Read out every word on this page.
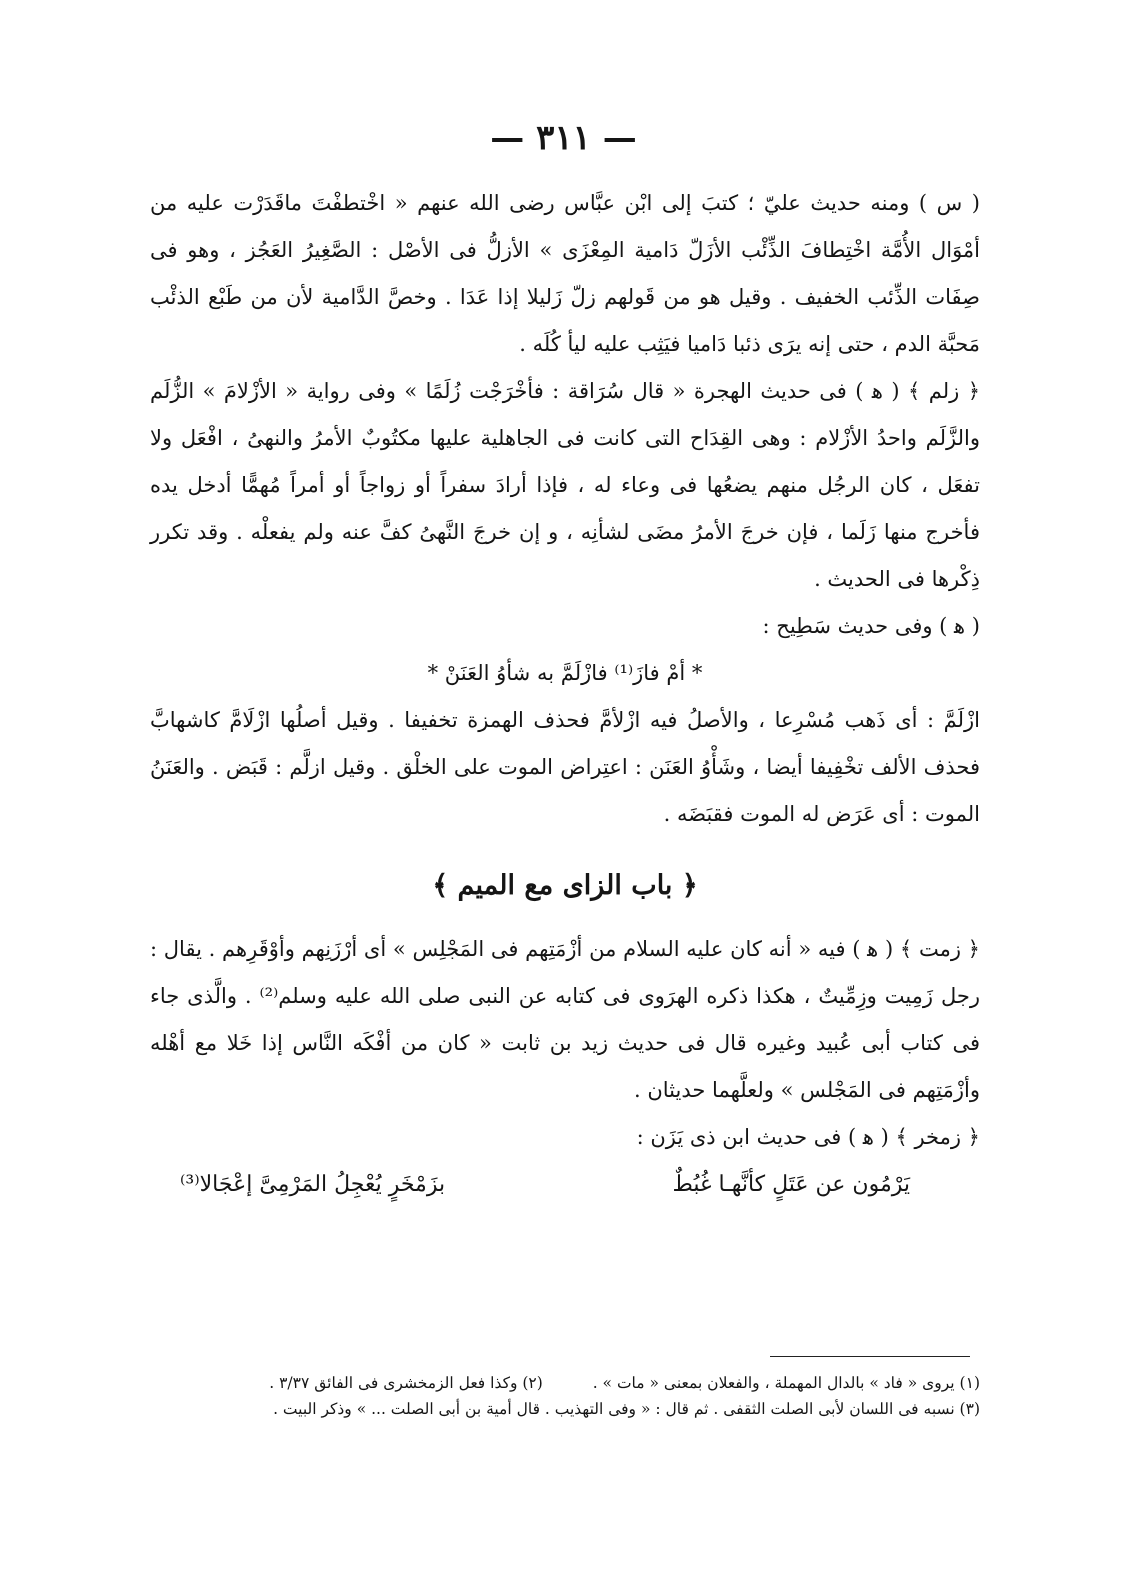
— ٣١١ —

( س ) ومنه حديث عليّ ؛ كتبَ إلى ابْن عبَّاس رضى الله عنهم « اخْتطفْتَ ماقَدَرْت عليه من أمْوَال الأُمَّة اخْتِطافَ الذِّئْب الأزَلّ دَامية المِعْزَى » الأزلُّ فى الأصْل : الصَّغِيرُ العَجُز ، وهو فى صِفَات الذِّئب الخفيف . وقيل هو من قَولهم زلّ زَليلا إذا عَدَا . وخصَّ الدَّامية لأن من طَبْع الذئْب مَحبَّة الدم ، حتى إنه يرَى ذئبا دَاميا فيَثِب عليه ليأ كُلَه .

﴿ زلم ﴾ ( ﻫ ) فى حديث الهجرة « قال سُرَاقة : فأخْرَجْت زُلَمًا » وفى رواية « الأزْلامَ » الزُّلَم والزَّلَم واحدُ الأزْلام : وهى القِدَاح التى كانت فى الجاهلية عليها مكتُوبٌ الأمرُ والنهىُ ، افْعَل ولا تفعَل ، كان الرجُل منهم يضعُها فى وعاء له ، فإذا أرادَ سفراً أو زواجاً أو أمراً مُهمًّا أدخل يده فأخرج منها زَلَما ، فإن خرجَ الأمرُ مضَى لشأنِه ، و إن خرجَ النَّهىُ كفَّ عنه ولم يفعلْه . وقد تكرر ذِكْرها فى الحديث .

( ﻫ ) وفى حديث سَطِيح :

* أمْ فازَ⁽¹⁾ فازْلَمَّ به شأوُ العَنَنْ *

ازْلَمَّ : أى ذَهب مُسْرِعا ، والأصلُ فيه ازْلأمَّ فحذف الهمزة تخفيفا . وقيل أصلُها ازْلَامَّ كاشهابَّ فحذف الألف تخْفِيفا أيضا ، وشَأْوُ العَنَن : اعتِراض الموت على الخلْق . وقيل ازلَّم : قَبَض . والعَنَنُ الموت : أى عَرَض له الموت فقبَضَه .

﴿ باب الزاى مع الميم ﴾

﴿ زمت ﴾ ( ﻫ ) فيه « أنه كان عليه السلام من أزْمَتِهم فى المَجْلِس » أى أرْزَنِهم وأوْقَرِهم . يقال : رجل زَمِيت وزِمِّيتٌ ، هكذا ذكره الهرَوى فى كتابه عن النبى صلى الله عليه وسلم⁽²⁾ . والَّذى جاء فى كتاب أبى عُبيد وغيره قال فى حديث زيد بن ثابت « كان من أفْكَه النَّاس إذا خَلا مع أهْله وأزْمَتِهم فى المَجْلس » ولعلَّهما حديثان .

﴿ زمخر ﴾ ( ﻫ ) فى حديث ابن ذى يَزَن :

يَرْمُون عن عَتَلٍ كأنَّهـا غُبُطٌ
بزَمْخَرٍ يُعْجِلُ المَرْمِىَّ إعْجَالا⁽³⁾

(١) يروى « فاد » بالدال المهملة ، والفعلان بمعنى « مات » .  (٢) وكذا فعل الزمخشرى فى الفائق ٣/٣٧ .

(٣) نسبه فى اللسان لأبى الصلت الثقفى . ثم قال : « وفى التهذيب . قال أمية بن أبى الصلت ... » وذكر البيت .
